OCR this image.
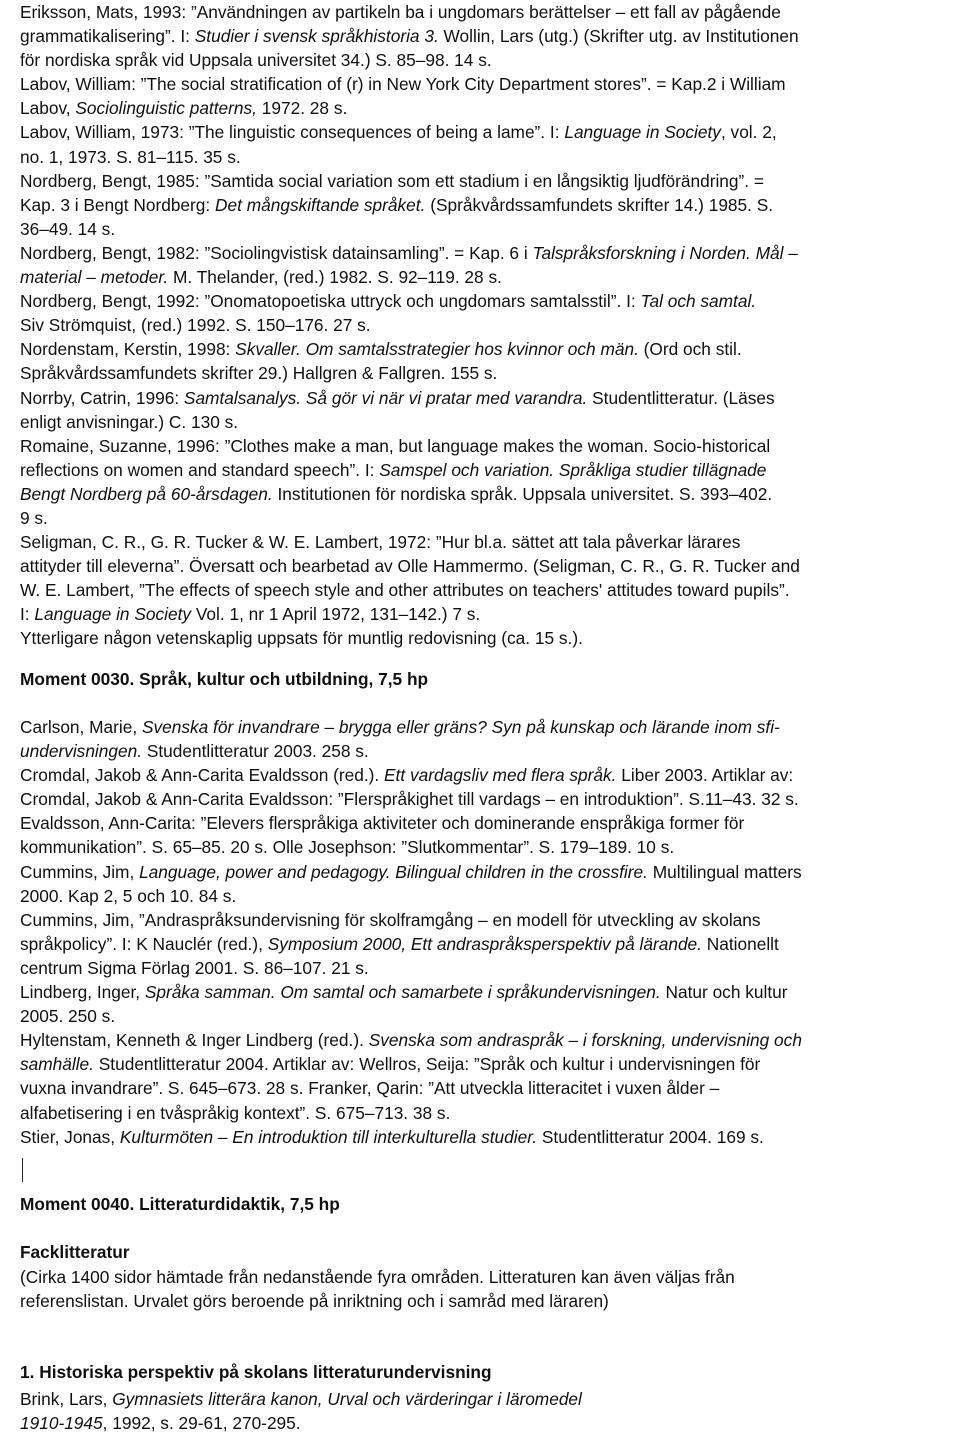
Eriksson, Mats, 1993: ”Användningen av partikeln ba i ungdomars berättelser – ett fall av pågående
grammatikalisering”. I: Studier i svensk språkhistoria 3. Wollin, Lars (utg.) (Skrifter utg. av Institutionen
för nordiska språk vid Uppsala universitet 34.) S. 85–98. 14 s.
Labov, William: ”The social stratification of (r) in New York City Department stores”. = Kap.2 i William
Labov, Sociolinguistic patterns, 1972. 28 s.
Labov, William, 1973: ”The linguistic consequences of being a lame”. I: Language in Society, vol. 2,
no. 1, 1973. S. 81–115. 35 s.
Nordberg, Bengt, 1985: ”Samtida social variation som ett stadium i en långsiktig ljudförändring”. =
Kap. 3 i Bengt Nordberg: Det mångskiftande språket. (Språkvårdssamfundets skrifter 14.) 1985. S.
36–49. 14 s.
Nordberg, Bengt, 1982: ”Sociolingvistisk datainsamling”. = Kap. 6 i Talspråksforskning i Norden. Mål –
material – metoder. M. Thelander, (red.) 1982. S. 92–119. 28 s.
Nordberg, Bengt, 1992: ”Onomatopoetiska uttryck och ungdomars samtalsstil”. I: Tal och samtal.
Siv Strömquist, (red.) 1992. S. 150–176. 27 s.
Nordenstam, Kerstin, 1998: Skvaller. Om samtalsstrategier hos kvinnor och män. (Ord och stil.
Språkvårdssamfundets skrifter 29.) Hallgren & Fallgren. 155 s.
Norrby, Catrin, 1996: Samtalsanalys. Så gör vi när vi pratar med varandra. Studentlitteratur. (Läses
enligt anvisningar.) C. 130 s.
Romaine, Suzanne, 1996: ”Clothes make a man, but language makes the woman. Socio-historical
reflections on women and standard speech”. I: Samspel och variation. Språkliga studier tillägnade
Bengt Nordberg på 60-årsdagen. Institutionen för nordiska språk. Uppsala universitet. S. 393–402.
9 s.
Seligman, C. R., G. R. Tucker & W. E. Lambert, 1972: ”Hur bl.a. sättet att tala påverkar lärares
attityder till eleverna”. Översatt och bearbetad av Olle Hammermo. (Seligman, C. R., G. R. Tucker and
W. E. Lambert, ”The effects of speech style and other attributes on teachers' attitudes toward pupils”.
I: Language in Society Vol. 1, nr 1 April 1972, 131–142.) 7 s.
Ytterligare någon vetenskaplig uppsats för muntlig redovisning (ca. 15 s.).
Moment 0030. Språk, kultur och utbildning, 7,5 hp
Carlson, Marie, Svenska för invandrare – brygga eller gräns? Syn på kunskap och lärande inom sfi-
undervisningen. Studentlitteratur 2003. 258 s.
Cromdal, Jakob & Ann-Carita Evaldsson (red.). Ett vardagsliv med flera språk. Liber 2003. Artiklar av:
Cromdal, Jakob & Ann-Carita Evaldsson: ”Flerspråkighet till vardags – en introduktion”. S.11–43. 32 s.
Evaldsson, Ann-Carita: ”Elevers flerspråkiga aktiviteter och dominerande enspråkiga former för
kommunikation”. S. 65–85. 20 s. Olle Josephson: ”Slutkommentar”. S. 179–189. 10 s.
Cummins, Jim, Language, power and pedagogy. Bilingual children in the crossfire. Multilingual matters
2000. Kap 2, 5 och 10. 84 s.
Cummins, Jim, ”Andraspråksundervisning för skolframgång – en modell för utveckling av skolans
språkpolicy”. I: K Nauclér (red.), Symposium 2000, Ett andraspråksperspektiv på lärande. Nationellt
centrum Sigma Förlag 2001. S. 86–107. 21 s.
Lindberg, Inger, Språka samman. Om samtal och samarbete i språkundervisningen. Natur och kultur
2005. 250 s.
Hyltenstam, Kenneth & Inger Lindberg (red.). Svenska som andraspråk – i forskning, undervisning och
samhälle. Studentlitteratur 2004. Artiklar av: Wellros, Seija: ”Språk och kultur i undervisningen för
vuxna invandrare”. S. 645–673. 28 s. Franker, Qarin: ”Att utveckla litteracitet i vuxen ålder –
alfabetisering i en tvåspråkig kontext”. S. 675–713. 38 s.
Stier, Jonas, Kulturmöten – En introduktion till interkulturella studier. Studentlitteratur 2004. 169 s.
Moment 0040. Litteraturdidaktik, 7,5 hp
Facklitteratur
(Cirka 1400 sidor hämtade från nedanstående fyra områden. Litteraturen kan även väljas från
referenslistan. Urvalet görs beroende på inriktning och i samråd med läraren)
1. Historiska perspektiv på skolans litteraturundervisning
Brink, Lars, Gymnasiets litterära kanon, Urval och värderingar i läromedel
1910-1945, 1992, s. 29-61, 270-295.
